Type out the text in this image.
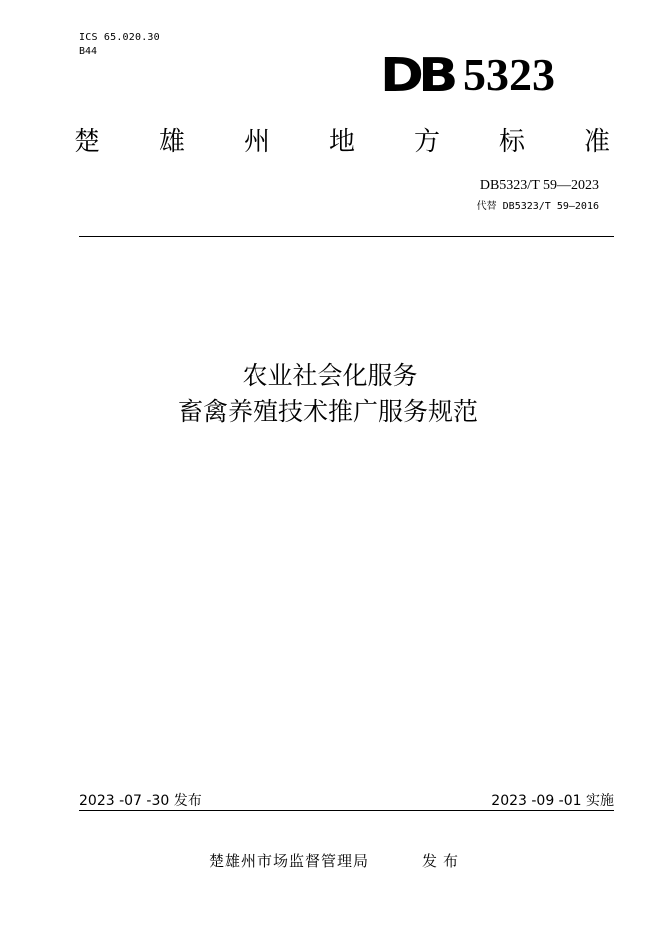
ICS 65.020.30
B44	DB 5323
楚 雄 州 地 方 标 准
DB5323/T 59—2023
代替 DB5323/T 59—2016
农业社会化服务
畜禽养殖技术推广服务规范
2023 -07 -30 发布	2023 -09 -01 实施
楚雄州市场监督管理局	发布
